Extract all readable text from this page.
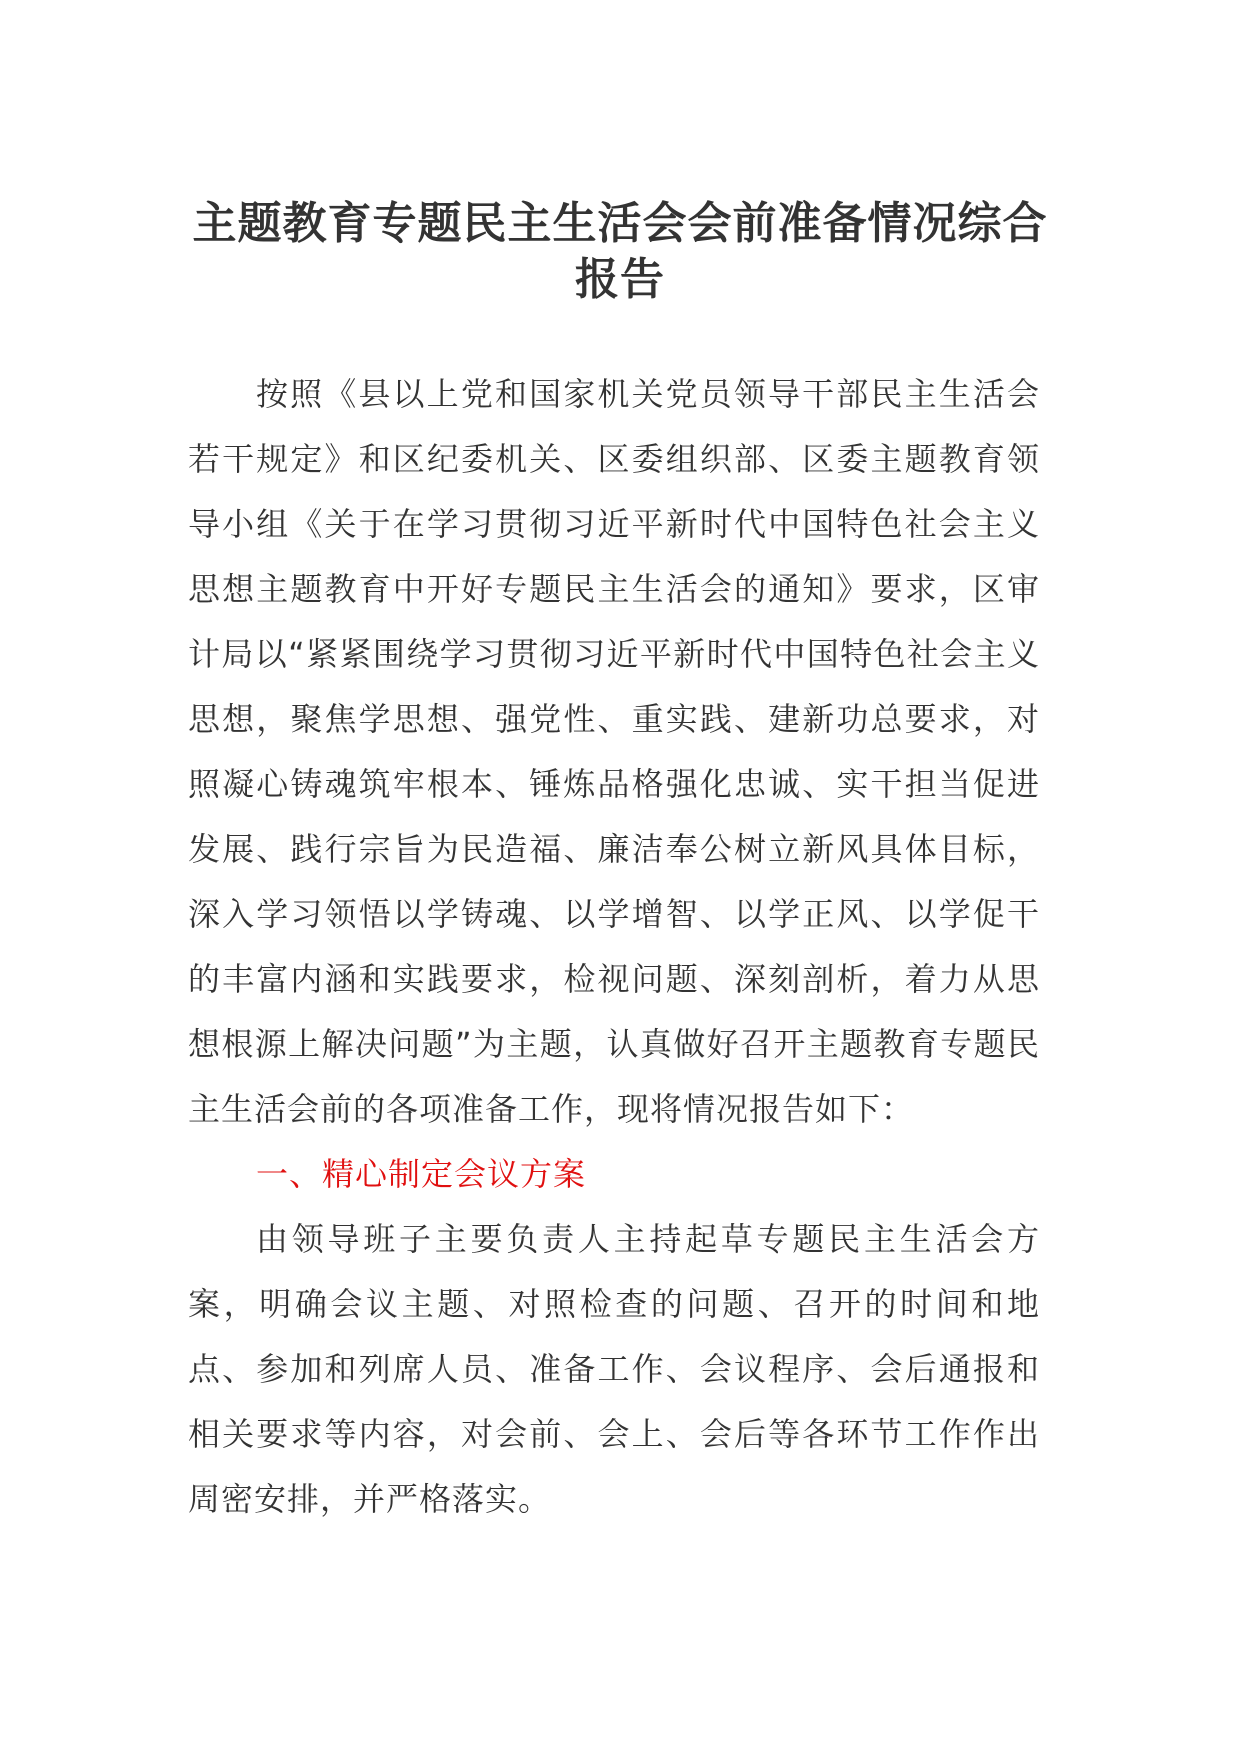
主题教育专题民主生活会会前准备情况综合报告

按照《县以上党和国家机关党员领导干部民主生活会若干规定》和区纪委机关、区委组织部、区委主题教育领导小组《关于在学习贯彻习近平新时代中国特色社会主义思想主题教育中开好专题民主生活会的通知》要求，区审计局以“紧紧围绕学习贯彻习近平新时代中国特色社会主义思想，聚焦学思想、强党性、重实践、建新功总要求，对照凝心铸魂筑牢根本、锤炼品格强化忠诚、实干担当促进发展、践行宗旨为民造福、廉洁奉公树立新风具体目标，深入学习领悟以学铸魂、以学增智、以学正风、以学促干的丰富内涵和实践要求，检视问题、深刻剖析，着力从思想根源上解决问题”为主题，认真做好召开主题教育专题民主生活会前的各项准备工作，现将情况报告如下：

一、精心制定会议方案

由领导班子主要负责人主持起草专题民主生活会方案，明确会议主题、对照检查的问题、召开的时间和地点、参加和列席人员、准备工作、会议程序、会后通报和相关要求等内容，对会前、会上、会后等各环节工作作出周密安排，并严格落实。
